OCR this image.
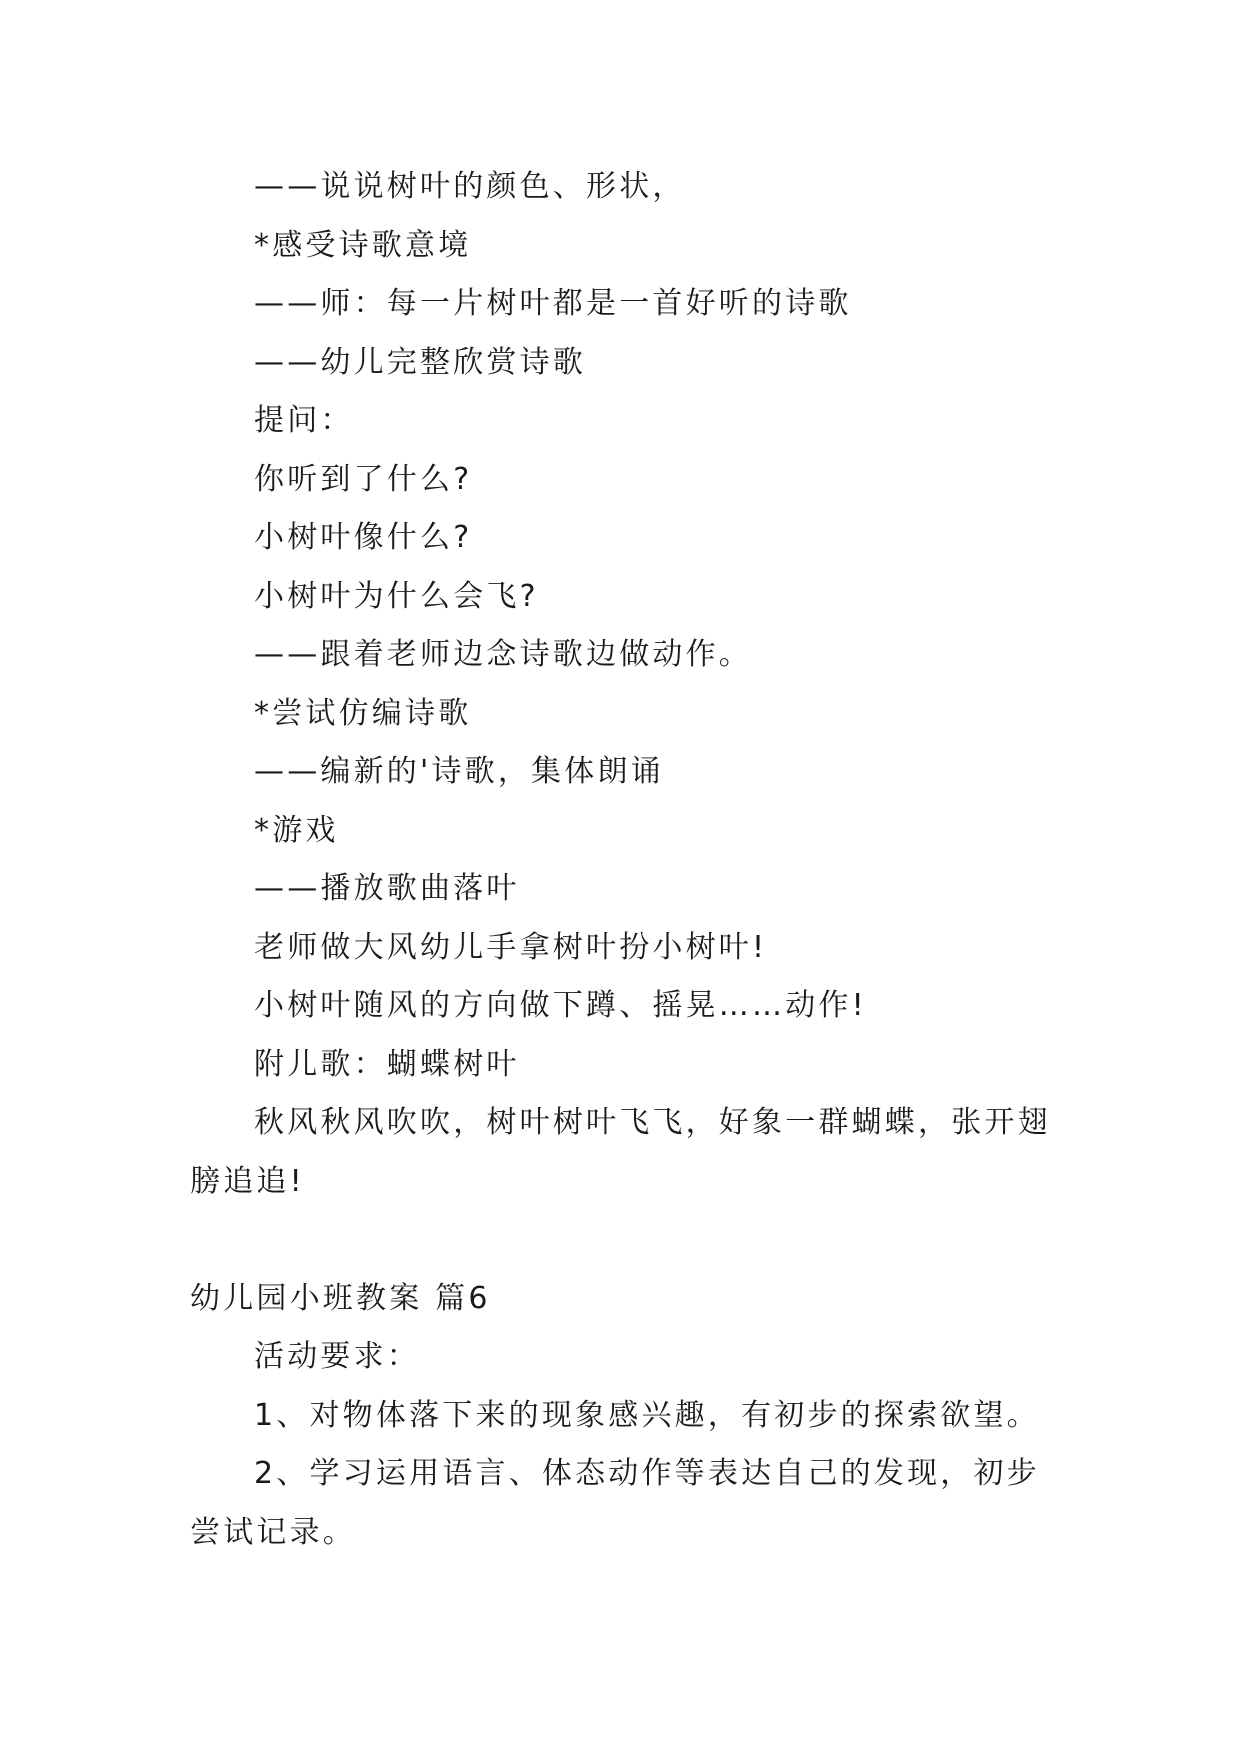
——说说树叶的颜色、形状，
*感受诗歌意境
——师：每一片树叶都是一首好听的诗歌
——幼儿完整欣赏诗歌
提问：
你听到了什么?
小树叶像什么?
小树叶为什么会飞?
——跟着老师边念诗歌边做动作。
*尝试仿编诗歌
——编新的'诗歌，集体朗诵
*游戏
——播放歌曲落叶
老师做大风幼儿手拿树叶扮小树叶!
小树叶随风的方向做下蹲、摇晃……动作!
附儿歌：蝴蝶树叶
秋风秋风吹吹，树叶树叶飞飞，好象一群蝴蝶，张开翅
膀追追!
幼儿园小班教案 篇6
活动要求：
1、对物体落下来的现象感兴趣，有初步的探索欲望。
2、学习运用语言、体态动作等表达自己的发现，初步
尝试记录。
